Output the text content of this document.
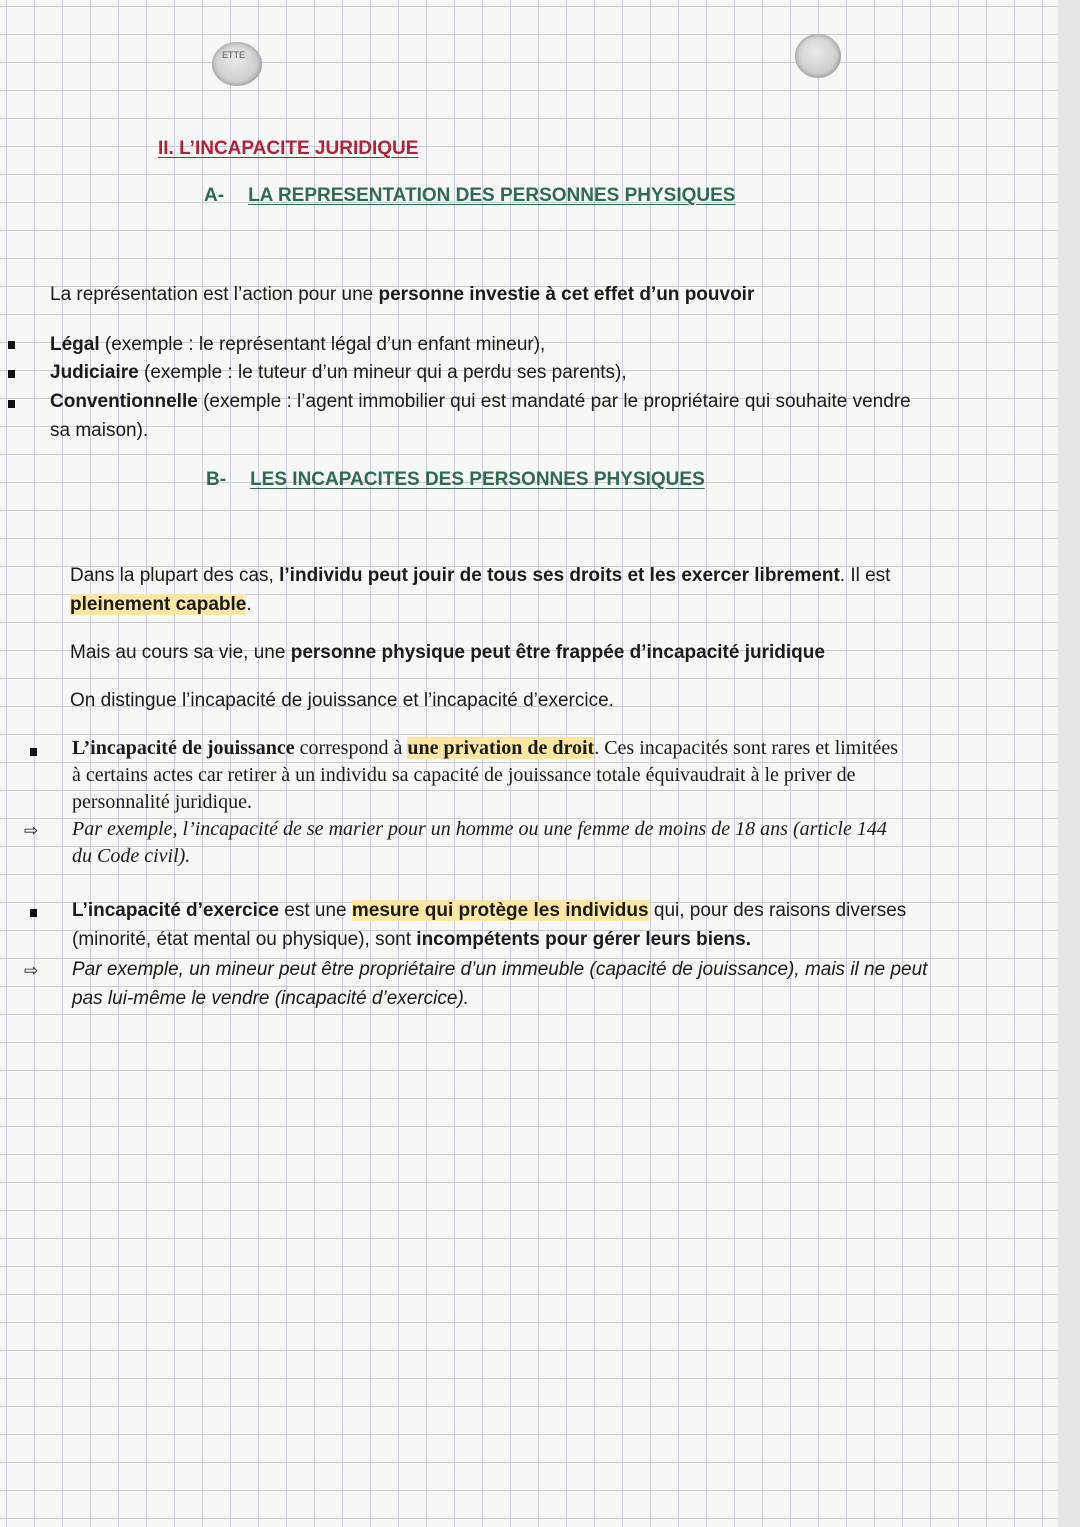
ETTE
II. L’INCAPACITE JURIDIQUE
A- LA REPRESENTATION DES PERSONNES PHYSIQUES
La représentation est l’action pour une personne investie à cet effet d’un pouvoir
Légal (exemple : le représentant légal d’un enfant mineur),
Judiciaire (exemple : le tuteur d’un mineur qui a perdu ses parents),
Conventionnelle (exemple : l’agent immobilier qui est mandaté par le propriétaire qui souhaite vendre
sa maison).
B- LES INCAPACITES DES PERSONNES PHYSIQUES
Dans la plupart des cas, l’individu peut jouir de tous ses droits et les exercer librement. Il est
pleinement capable.
Mais au cours sa vie, une personne physique peut être frappée d’incapacité juridique
On distingue l’incapacité de jouissance et l’incapacité d’exercice.
L’incapacité de jouissance correspond à une privation de droit. Ces incapacités sont rares et limitées
à certains actes car retirer à un individu sa capacité de jouissance totale équivaudrait à le priver de
personnalité juridique.
⇨ Par exemple, l’incapacité de se marier pour un homme ou une femme de moins de 18 ans (article 144
du Code civil).
L’incapacité d’exercice est une mesure qui protège les individus qui, pour des raisons diverses
(minorité, état mental ou physique), sont incompétents pour gérer leurs biens.
⇨ Par exemple, un mineur peut être propriétaire d’un immeuble (capacité de jouissance), mais il ne peut
pas lui-même le vendre (incapacité d’exercice).
